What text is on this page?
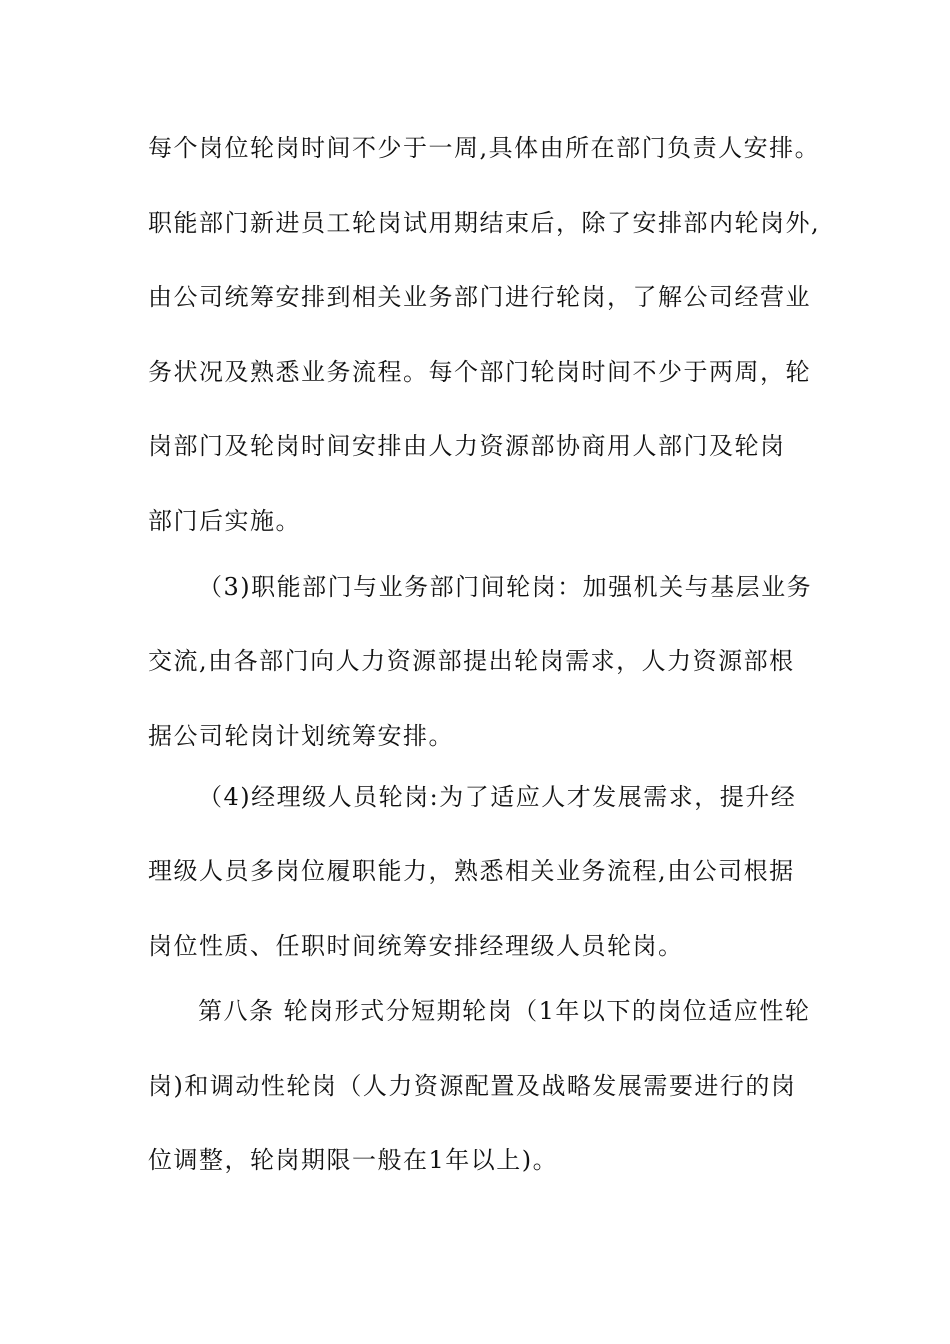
每个岗位轮岗时间不少于一周,具体由所在部门负责人安排。
职能部门新进员工轮岗试用期结束后，除了安排部内轮岗外,
由公司统筹安排到相关业务部门进行轮岗，了解公司经营业
务状况及熟悉业务流程。每个部门轮岗时间不少于两周，轮
岗部门及轮岗时间安排由人力资源部协商用人部门及轮岗
部门后实施。
（3)职能部门与业务部门间轮岗：加强机关与基层业务
交流,由各部门向人力资源部提出轮岗需求，人力资源部根
据公司轮岗计划统筹安排。
（4)经理级人员轮岗:为了适应人才发展需求，提升经
理级人员多岗位履职能力，熟悉相关业务流程,由公司根据
岗位性质、任职时间统筹安排经理级人员轮岗。
第八条 轮岗形式分短期轮岗（1年以下的岗位适应性轮
岗)和调动性轮岗（人力资源配置及战略发展需要进行的岗
位调整，轮岗期限一般在1年以上)。
